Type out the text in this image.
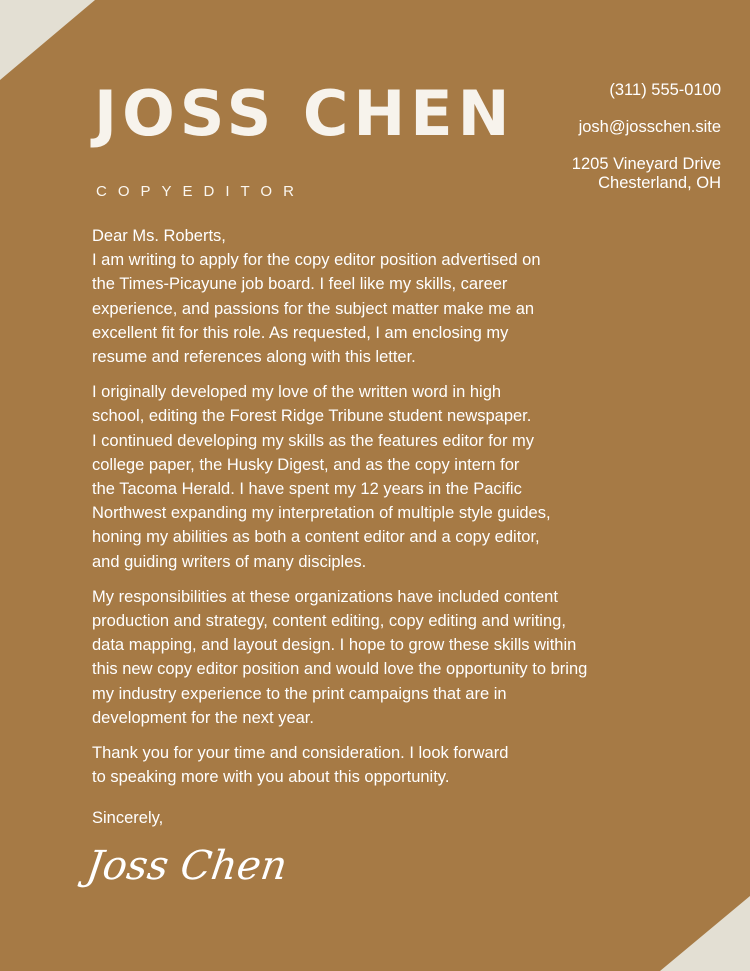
JOSS CHEN
COPYEDITOR
(311) 555-0100
josh@josschen.site
1205 Vineyard Drive
Chesterland, OH

Dear Ms. Roberts,
I am writing to apply for the copy editor position advertised on
the Times-Picayune job board. I feel like my skills, career
experience, and passions for the subject matter make me an
excellent fit for this role. As requested, I am enclosing my
resume and references along with this letter.

I originally developed my love of the written word in high
school, editing the Forest Ridge Tribune student newspaper.
I continued developing my skills as the features editor for my
college paper, the Husky Digest, and as the copy intern for
the Tacoma Herald. I have spent my 12 years in the Pacific
Northwest expanding my interpretation of multiple style guides,
honing my abilities as both a content editor and a copy editor,
and guiding writers of many disciples.

My responsibilities at these organizations have included content
production and strategy, content editing, copy editing and writing,
data mapping, and layout design. I hope to grow these skills within
this new copy editor position and would love the opportunity to bring
my industry experience to the print campaigns that are in
development for the next year.

Thank you for your time and consideration. I look forward
to speaking more with you about this opportunity.

Sincerely,
Joss Chen
